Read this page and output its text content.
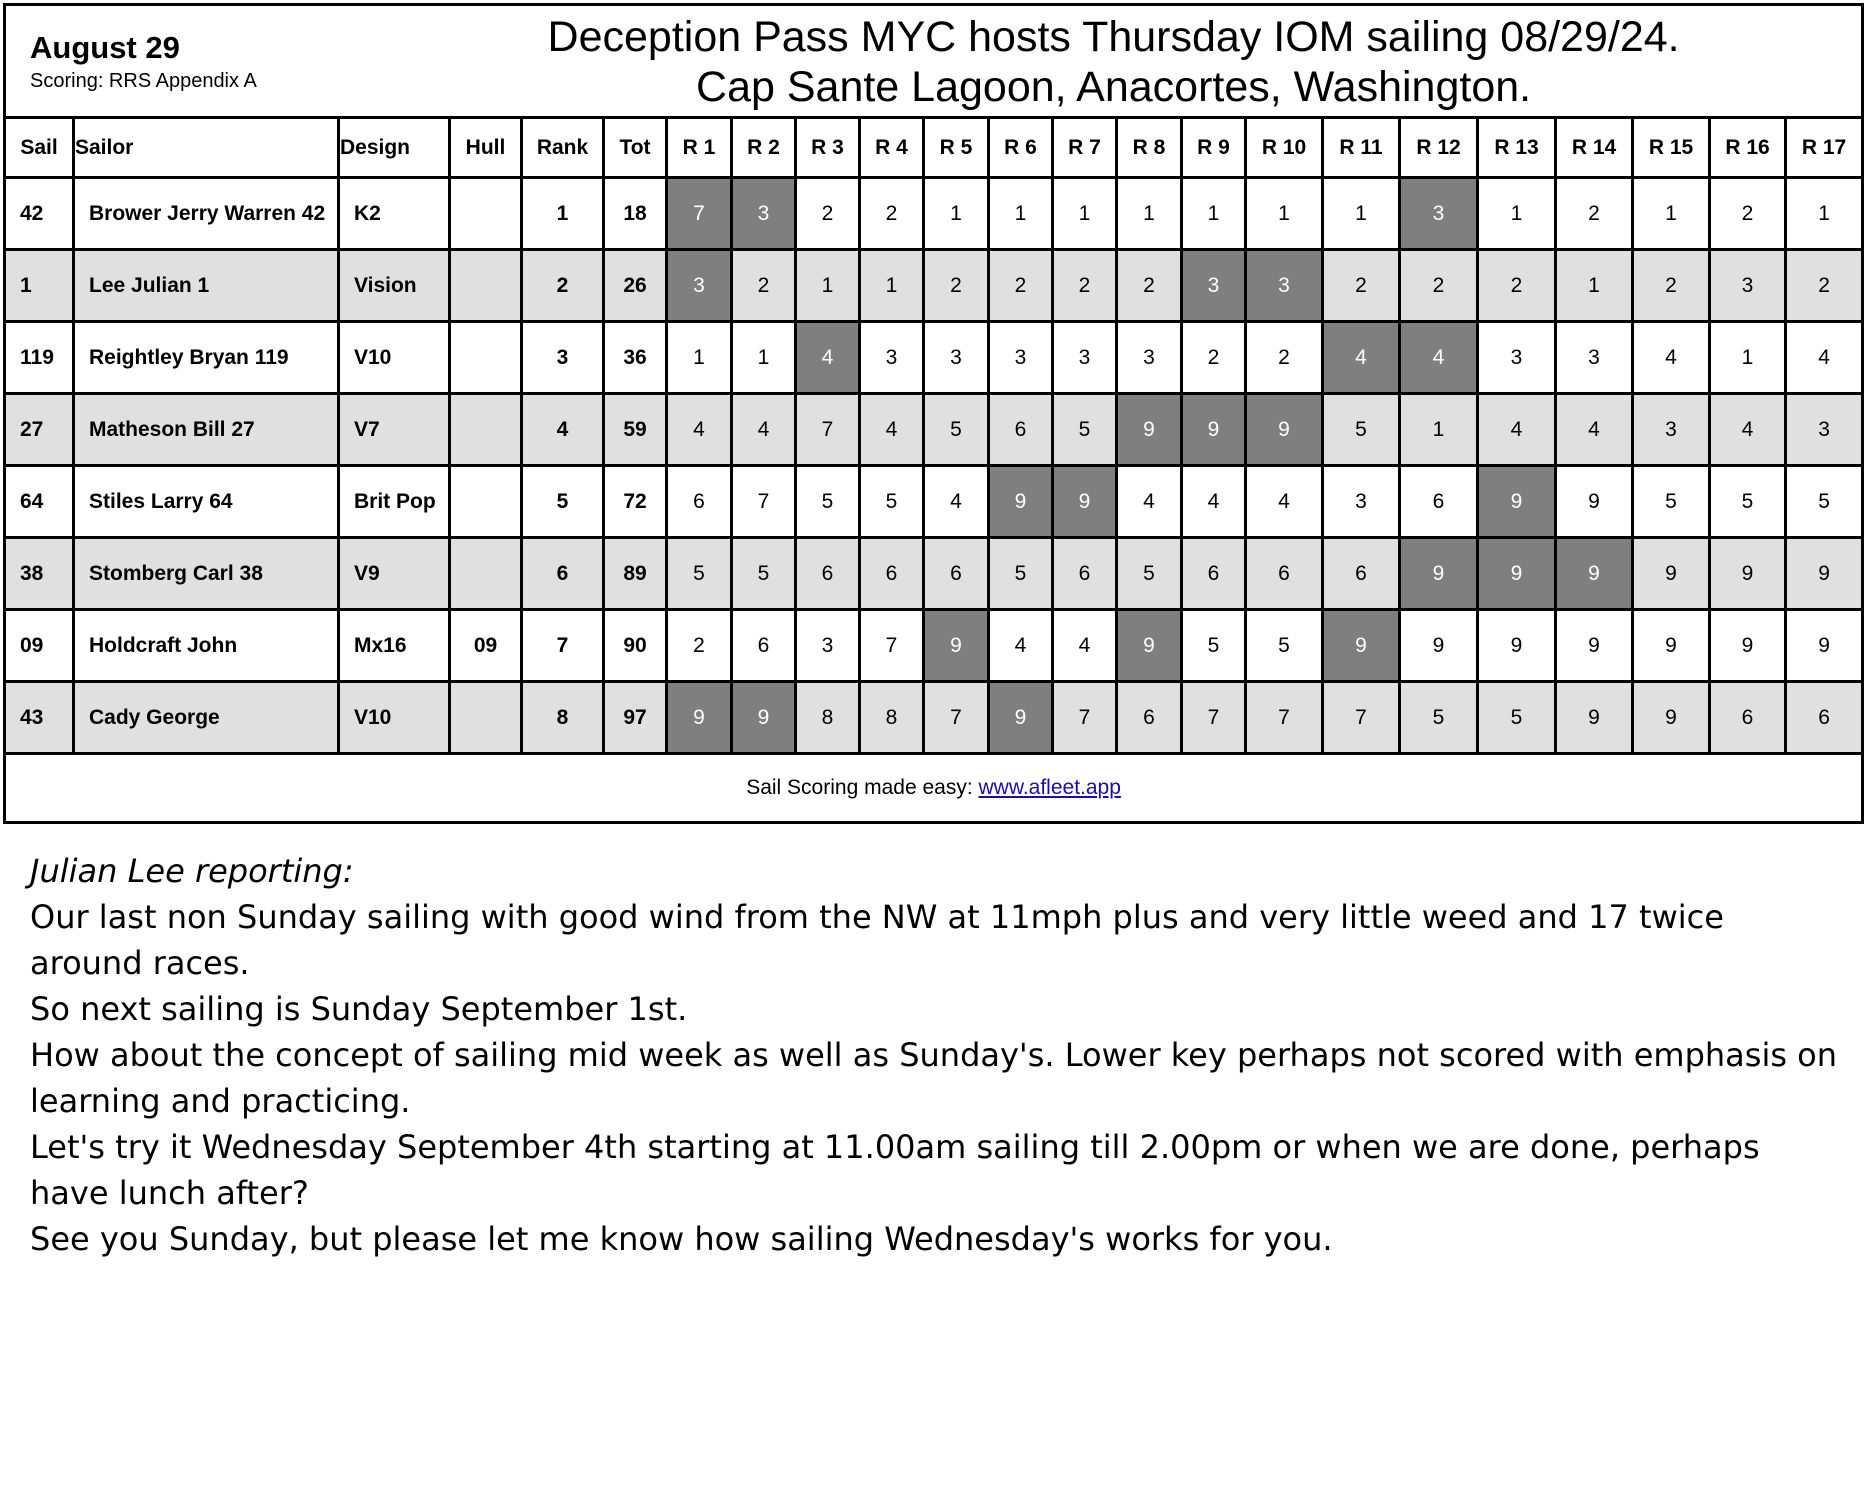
August 29
Scoring: RRS Appendix A
Deception Pass MYC hosts Thursday IOM sailing 08/29/24.
Cap Sante Lagoon, Anacortes, Washington.																						

Sail	Sailor	Design	Hull	Rank	Tot	R 1	R 2	R 3	R 4	R 5	R 6	R 7	R 8	R 9	R 10	R 11	R 12	R 13	R 14	R 15	R 16	R 17
42	Brower Jerry Warren 42	K2		1	18	7	3	2	2	1	1	1	1	1	1	1	3	1	2	1	2	1
1	Lee Julian 1	Vision		2	26	3	2	1	1	2	2	2	2	3	3	2	2	2	1	2	3	2
119	Reightley Bryan 119	V10		3	36	1	1	4	3	3	3	3	3	2	2	4	4	3	3	4	1	4
27	Matheson Bill 27	V7		4	59	4	4	7	4	5	6	5	9	9	9	5	1	4	4	3	4	3
64	Stiles Larry 64	Brit Pop		5	72	6	7	5	5	4	9	9	4	4	4	3	6	9	9	5	5	5
38	Stomberg Carl 38	V9		6	89	5	5	6	6	6	5	6	5	6	6	6	9	9	9	9	9	9
09	Holdcraft John	Mx16	09	7	90	2	6	3	7	9	4	4	9	5	5	9	9	9	9	9	9	9
43	Cady George	V10		8	97	9	9	8	8	7	9	7	6	7	7	7	5	5	9	9	6	6
Sail Scoring made easy: www.afleet.app																						

Julian Lee reporting:

Our last non Sunday sailing with good wind from the NW at 11mph plus and very little weed and 17 twice around races.

So next sailing is Sunday September 1st.

How about the concept of sailing mid week as well as Sunday's. Lower key perhaps not scored with emphasis on learning and practicing.

Let's try it Wednesday September 4th starting at 11.00am sailing till 2.00pm or when we are done, perhaps have lunch after?

See you Sunday, but please let me know how sailing Wednesday's works for you.
